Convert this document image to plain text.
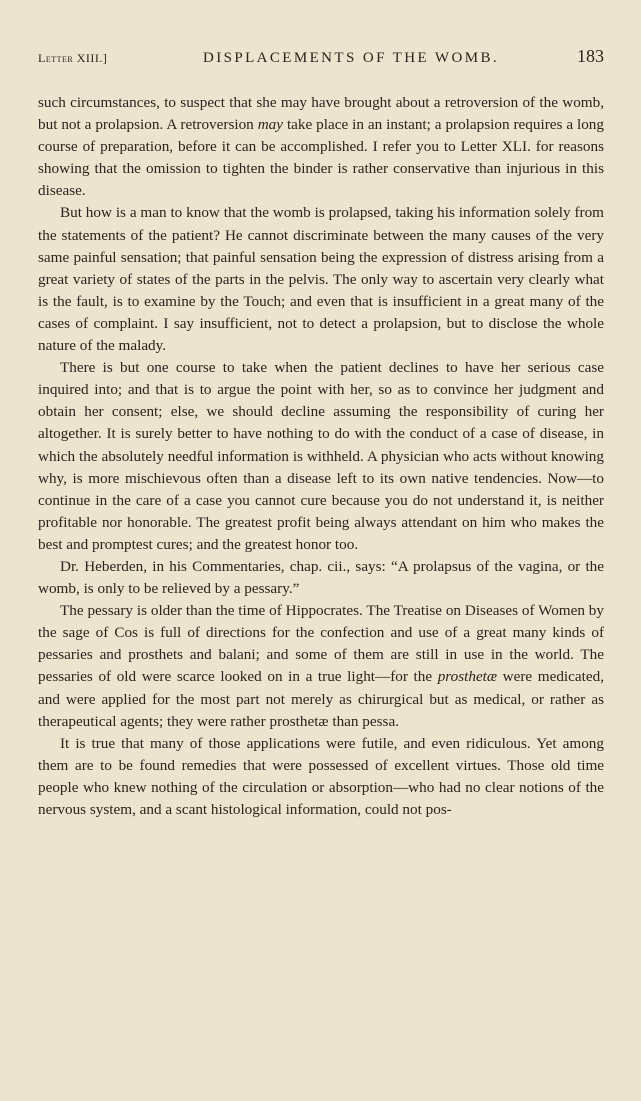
Letter XIII.]	DISPLACEMENTS OF THE WOMB.	183

such circumstances, to suspect that she may have brought about a retroversion of the womb, but not a prolapsion. A retroversion may take place in an instant; a prolapsion requires a long course of preparation, before it can be accomplished. I refer you to Letter XLI. for reasons showing that the omission to tighten the binder is rather conservative than injurious in this disease.

But how is a man to know that the womb is prolapsed, taking his information solely from the statements of the patient? He cannot discriminate between the many causes of the very same painful sensation; that painful sensation being the expression of distress arising from a great variety of states of the parts in the pelvis. The only way to ascertain very clearly what is the fault, is to examine by the Touch; and even that is insufficient in a great many of the cases of complaint. I say insufficient, not to detect a prolapsion, but to disclose the whole nature of the malady.

There is but one course to take when the patient declines to have her serious case inquired into; and that is to argue the point with her, so as to convince her judgment and obtain her consent; else, we should decline assuming the responsibility of curing her altogether. It is surely better to have nothing to do with the conduct of a case of disease, in which the absolutely needful information is withheld. A physician who acts without knowing why, is more mischievous often than a disease left to its own native tendencies. Now—to continue in the care of a case you cannot cure because you do not understand it, is neither profitable nor honorable. The greatest profit being always attendant on him who makes the best and promptest cures; and the greatest honor too.

Dr. Heberden, in his Commentaries, chap. cii., says: “A prolapsus of the vagina, or the womb, is only to be relieved by a pessary.”

The pessary is older than the time of Hippocrates. The Treatise on Diseases of Women by the sage of Cos is full of directions for the confection and use of a great many kinds of pessaries and prosthets and balani; and some of them are still in use in the world. The pessaries of old were scarce looked on in a true light—for the prosthetæ were medicated, and were applied for the most part not merely as chirurgical but as medical, or rather as therapeutical agents; they were rather prosthetæ than pessa.

It is true that many of those applications were futile, and even ridiculous. Yet among them are to be found remedies that were possessed of excellent virtues. Those old time people who knew nothing of the circulation or absorption—who had no clear notions of the nervous system, and a scant histological information, could not pos-
